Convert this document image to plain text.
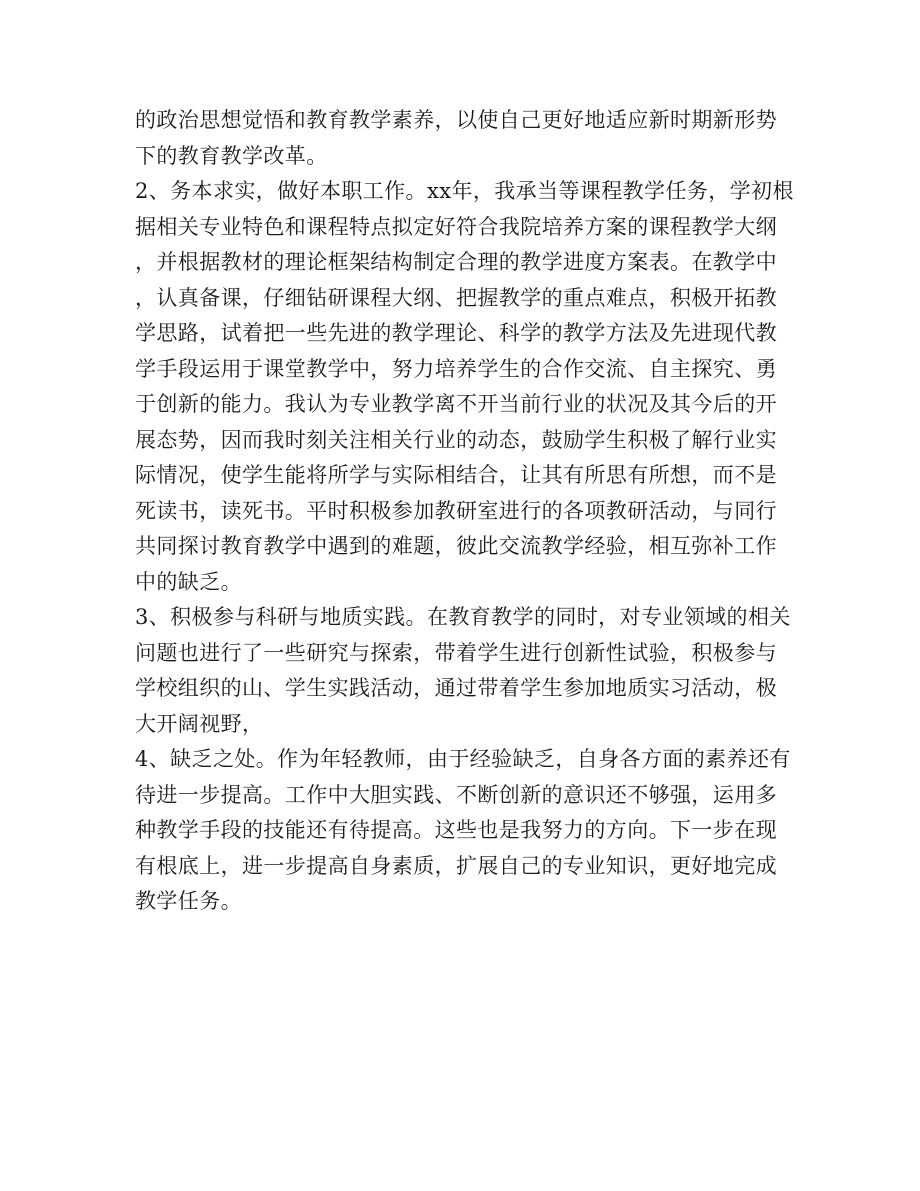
的政治思想觉悟和教育教学素养，以使自己更好地适应新时期新形势
下的教育教学改革。
2、务本求实，做好本职工作。xx年，我承当等课程教学任务，学初根
据相关专业特色和课程特点拟定好符合我院培养方案的课程教学大纲
，并根据教材的理论框架结构制定合理的教学进度方案表。在教学中
，认真备课，仔细钻研课程大纲、把握教学的重点难点，积极开拓教
学思路，试着把一些先进的教学理论、科学的教学方法及先进现代教
学手段运用于课堂教学中，努力培养学生的合作交流、自主探究、勇
于创新的能力。我认为专业教学离不开当前行业的状况及其今后的开
展态势，因而我时刻关注相关行业的动态，鼓励学生积极了解行业实
际情况，使学生能将所学与实际相结合，让其有所思有所想，而不是
死读书，读死书。平时积极参加教研室进行的各项教研活动，与同行
共同探讨教育教学中遇到的难题，彼此交流教学经验，相互弥补工作
中的缺乏。
3、积极参与科研与地质实践。在教育教学的同时，对专业领域的相关
问题也进行了一些研究与探索，带着学生进行创新性试验，积极参与
学校组织的山、学生实践活动，通过带着学生参加地质实习活动，极
大开阔视野，
4、缺乏之处。作为年轻教师，由于经验缺乏，自身各方面的素养还有
待进一步提高。工作中大胆实践、不断创新的意识还不够强，运用多
种教学手段的技能还有待提高。这些也是我努力的方向。下一步在现
有根底上，进一步提高自身素质，扩展自己的专业知识，更好地完成
教学任务。
